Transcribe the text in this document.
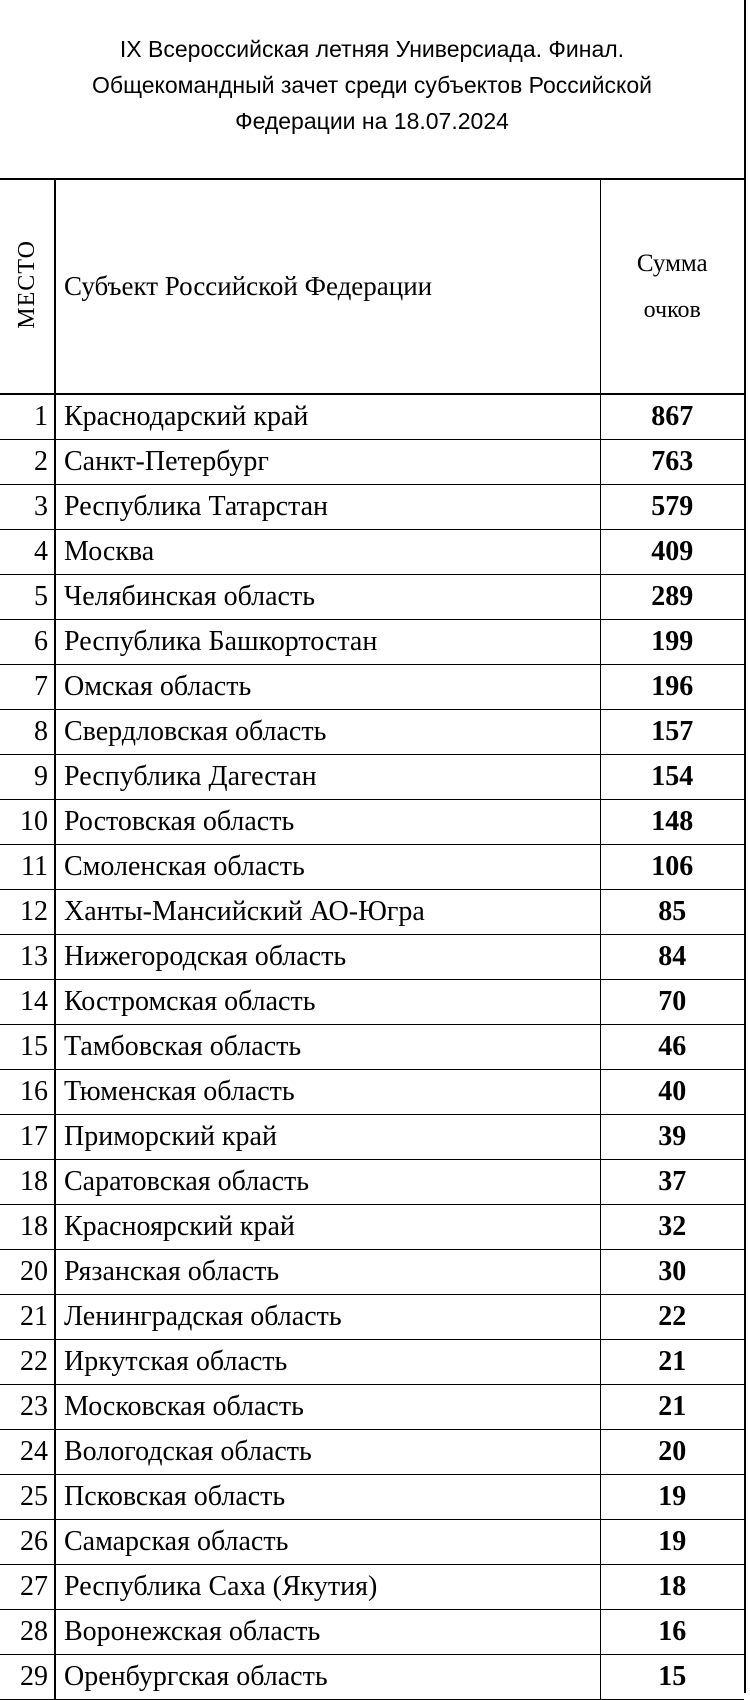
IX Всероссийская летняя Универсиада. Финал.
Общекомандный зачет среди субъектов Российской
Федерации на 18.07.2024
МЕСТО	Субъект Российской Федерации	Сумма
очков

1	Краснодарский край	867
2	Санкт-Петербург	763
3	Республика Татарстан	579
4	Москва	409
5	Челябинская область	289
6	Республика Башкортостан	199
7	Омская область	196
8	Свердловская область	157
9	Республика Дагестан	154
10	Ростовская область	148
11	Смоленская область	106
12	Ханты-Мансийский АО-Югра	85
13	Нижегородская область	84
14	Костромская область	70
15	Тамбовская область	46
16	Тюменская область	40
17	Приморский край	39
18	Саратовская область	37
18	Красноярский край	32
20	Рязанская область	30
21	Ленинградская область	22
22	Иркутская область	21
23	Московская область	21
24	Вологодская область	20
25	Псковская область	19
26	Самарская область	19
27	Республика Саха (Якутия)	18
28	Воронежская область	16
29	Оренбургская область	15
